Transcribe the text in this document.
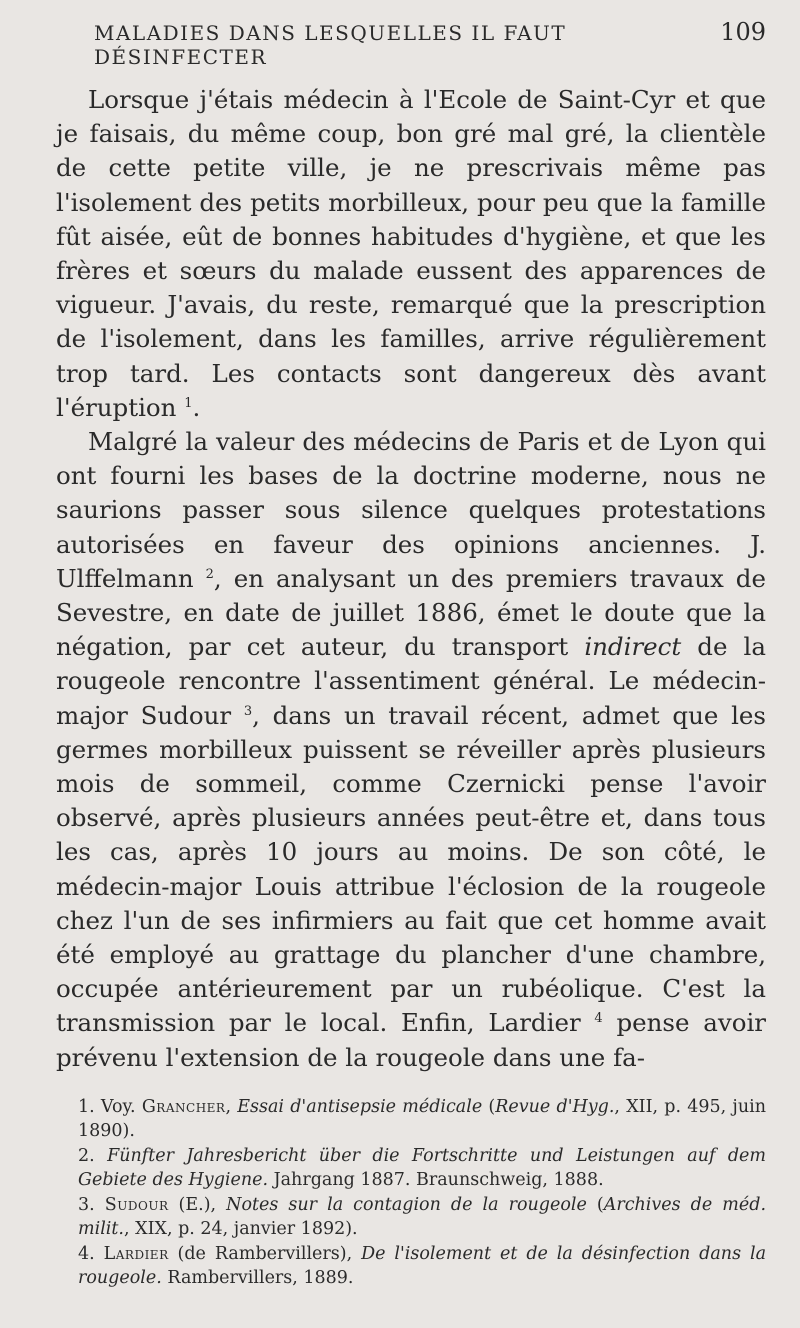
MALADIES DANS LESQUELLES IL FAUT DÉSINFECTER
109

Lorsque j'étais médecin à l'Ecole de Saint-Cyr et que je faisais, du même coup, bon gré mal gré, la clientèle de cette petite ville, je ne prescrivais même pas l'isolement des petits morbilleux, pour peu que la famille fût aisée, eût de bonnes habitudes d'hygiène, et que les frères et sœurs du malade eussent des apparences de vigueur. J'avais, du reste, remarqué que la prescription de l'isolement, dans les familles, arrive régulièrement trop tard. Les contacts sont dangereux dès avant l'éruption $^1$.

Malgré la valeur des médecins de Paris et de Lyon qui ont fourni les bases de la doctrine moderne, nous ne saurions passer sous silence quelques protestations autorisées en faveur des opinions anciennes. J. Ulffelmann $^2$, en analysant un des premiers travaux de Sevestre, en date de juillet 1886, émet le doute que la négation, par cet auteur, du transport indirect de la rougeole rencontre l'assentiment général. Le médecin-major Sudour $^3$, dans un travail récent, admet que les germes morbilleux puissent se réveiller après plusieurs mois de sommeil, comme Czernicki pense l'avoir observé, après plusieurs années peut-être et, dans tous les cas, après 10 jours au moins. De son côté, le médecin-major Louis attribue l'éclosion de la rougeole chez l'un de ses infirmiers au fait que cet homme avait été employé au grattage du plancher d'une chambre, occupée antérieurement par un rubéolique. C'est la transmission par le local. Enfin, Lardier $^4$ pense avoir prévenu l'extension de la rougeole dans une fa-

1. Voy. Grancher, Essai d'antisepsie médicale (Revue d'Hyg., XII, p. 495, juin 1890).

2. Fünfter Jahresbericht über die Fortschritte und Leistungen auf dem Gebiete des Hygiene. Jahrgang 1887. Braunschweig, 1888.

3. Sudour (E.), Notes sur la contagion de la rougeole (Archives de méd. milit., XIX, p. 24, janvier 1892).

4. Lardier (de Rambervillers), De l'isolement et de la désinfection dans la rougeole. Rambervillers, 1889.
